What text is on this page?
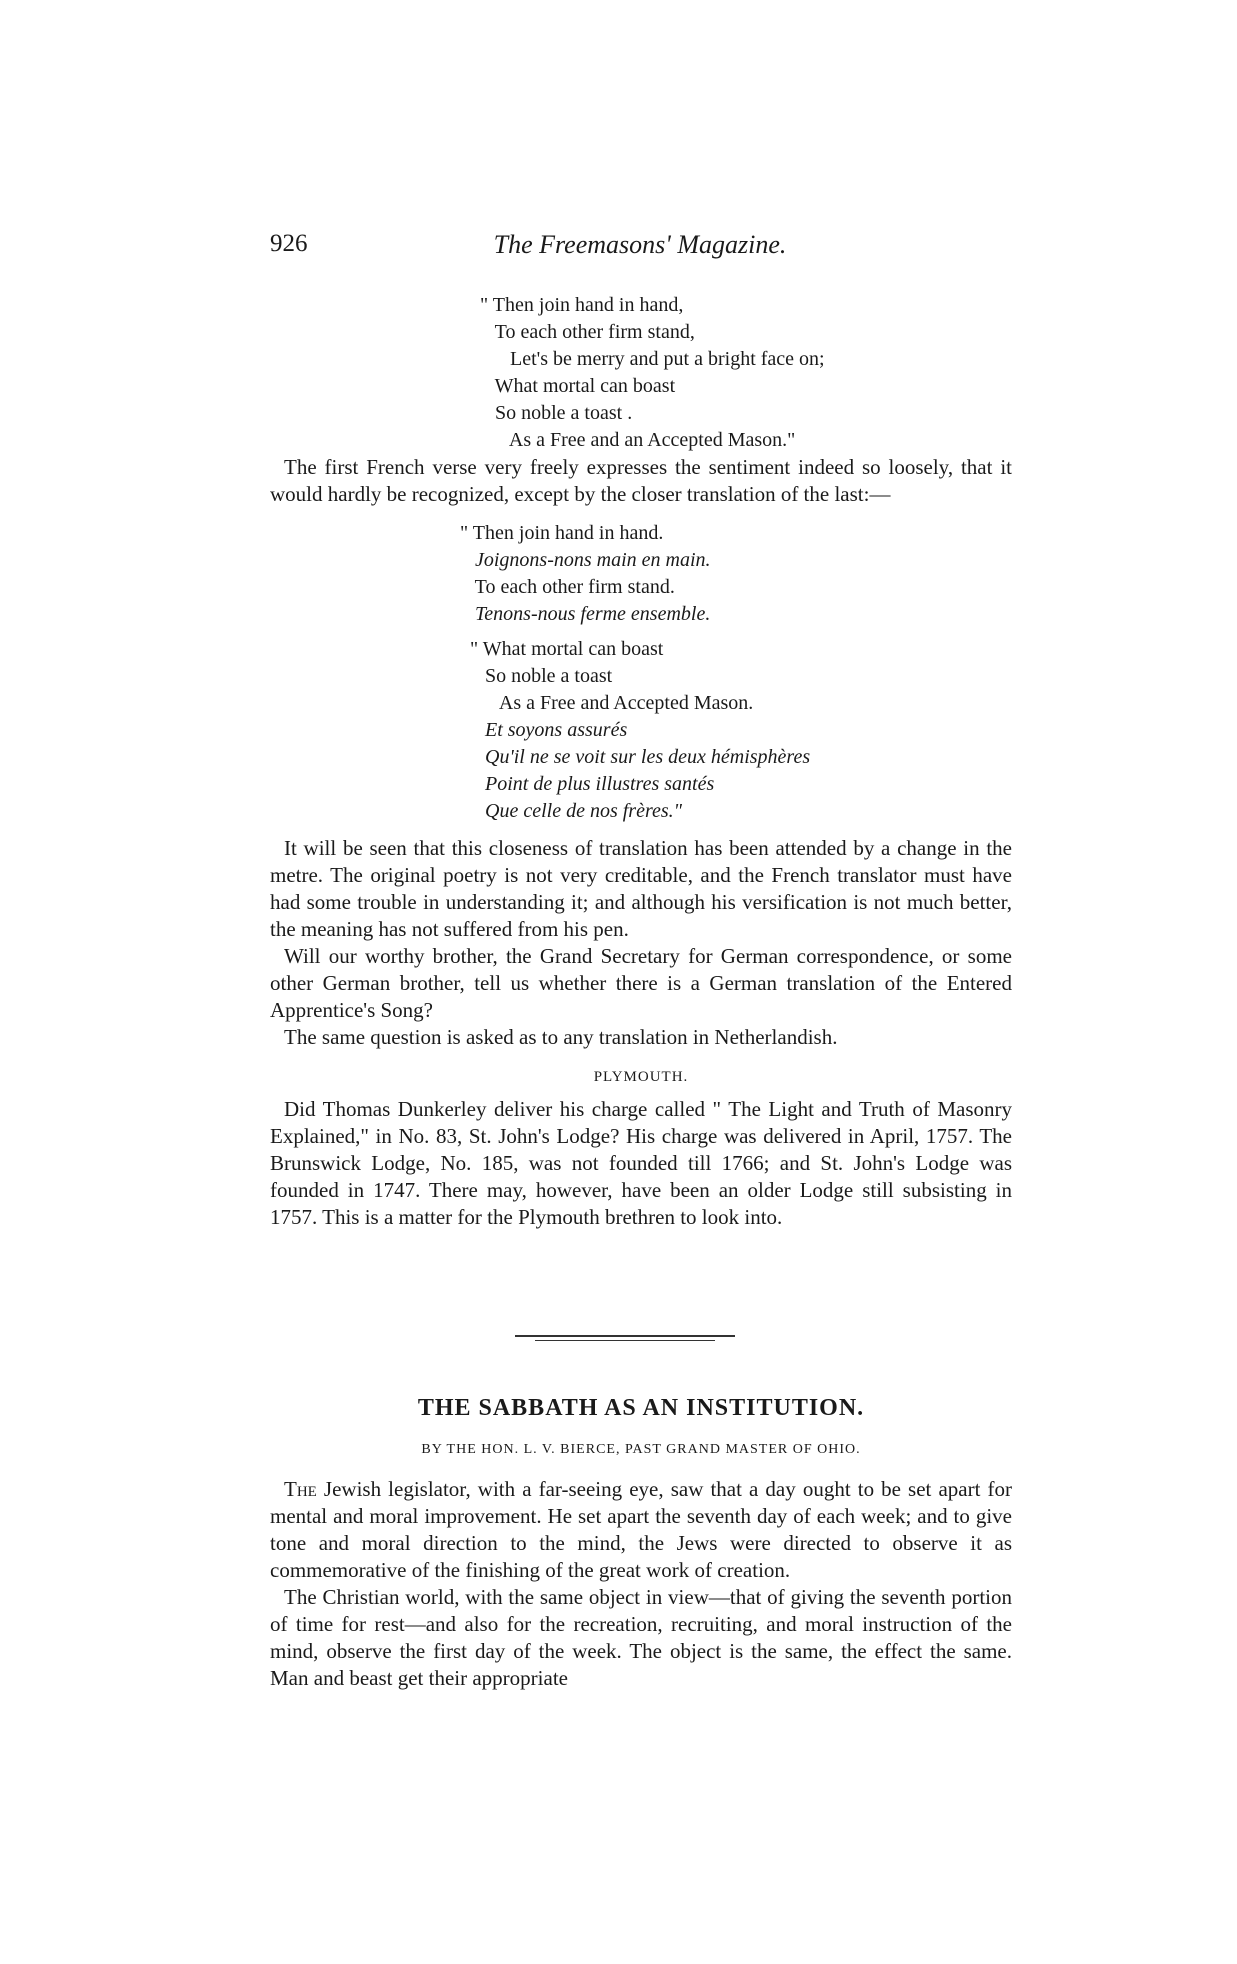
926	The Freemasons' Magazine.
" Then join hand in hand,
To each other firm stand,
Let's be merry and put a bright face on;
What mortal can boast
So noble a toast .
As a Free and an Accepted Mason."

The first French verse very freely expresses the sentiment indeed so loosely, that it would hardly be recognized, except by the closer translation of the last:—

" Then join hand in hand.
Joignons-nons main en main.
To each other firm stand.
Tenons-nous ferme ensemble.
" What mortal can boast
So noble a toast
As a Free and Accepted Mason.
Et soyons assurés
Qu'il ne se voit sur les deux hémisphères
Point de plus illustres santés
Que celle de nos frères."

It will be seen that this closeness of translation has been attended by a change in the metre. The original poetry is not very creditable, and the French translator must have had some trouble in understanding it; and although his versification is not much better, the meaning has not suffered from his pen.

Will our worthy brother, the Grand Secretary for German correspondence, or some other German brother, tell us whether there is a German translation of the Entered Apprentice's Song?

The same question is asked as to any translation in Netherlandish.

PLYMOUTH.

Did Thomas Dunkerley deliver his charge called " The Light and Truth of Masonry Explained," in No. 83, St. John's Lodge? His charge was delivered in April, 1757. The Brunswick Lodge, No. 185, was not founded till 1766; and St. John's Lodge was founded in 1747. There may, however, have been an older Lodge still subsisting in 1757. This is a matter for the Plymouth brethren to look into.

THE SABBATH AS AN INSTITUTION.
BY THE HON. L. V. BIERCE, PAST GRAND MASTER OF OHIO.

The Jewish legislator, with a far-seeing eye, saw that a day ought to be set apart for mental and moral improvement. He set apart the seventh day of each week; and to give tone and moral direction to the mind, the Jews were directed to observe it as commemorative of the finishing of the great work of creation.

The Christian world, with the same object in view—that of giving the seventh portion of time for rest—and also for the recreation, recruiting, and moral instruction of the mind, observe the first day of the week. The object is the same, the effect the same. Man and beast get their appropriate
